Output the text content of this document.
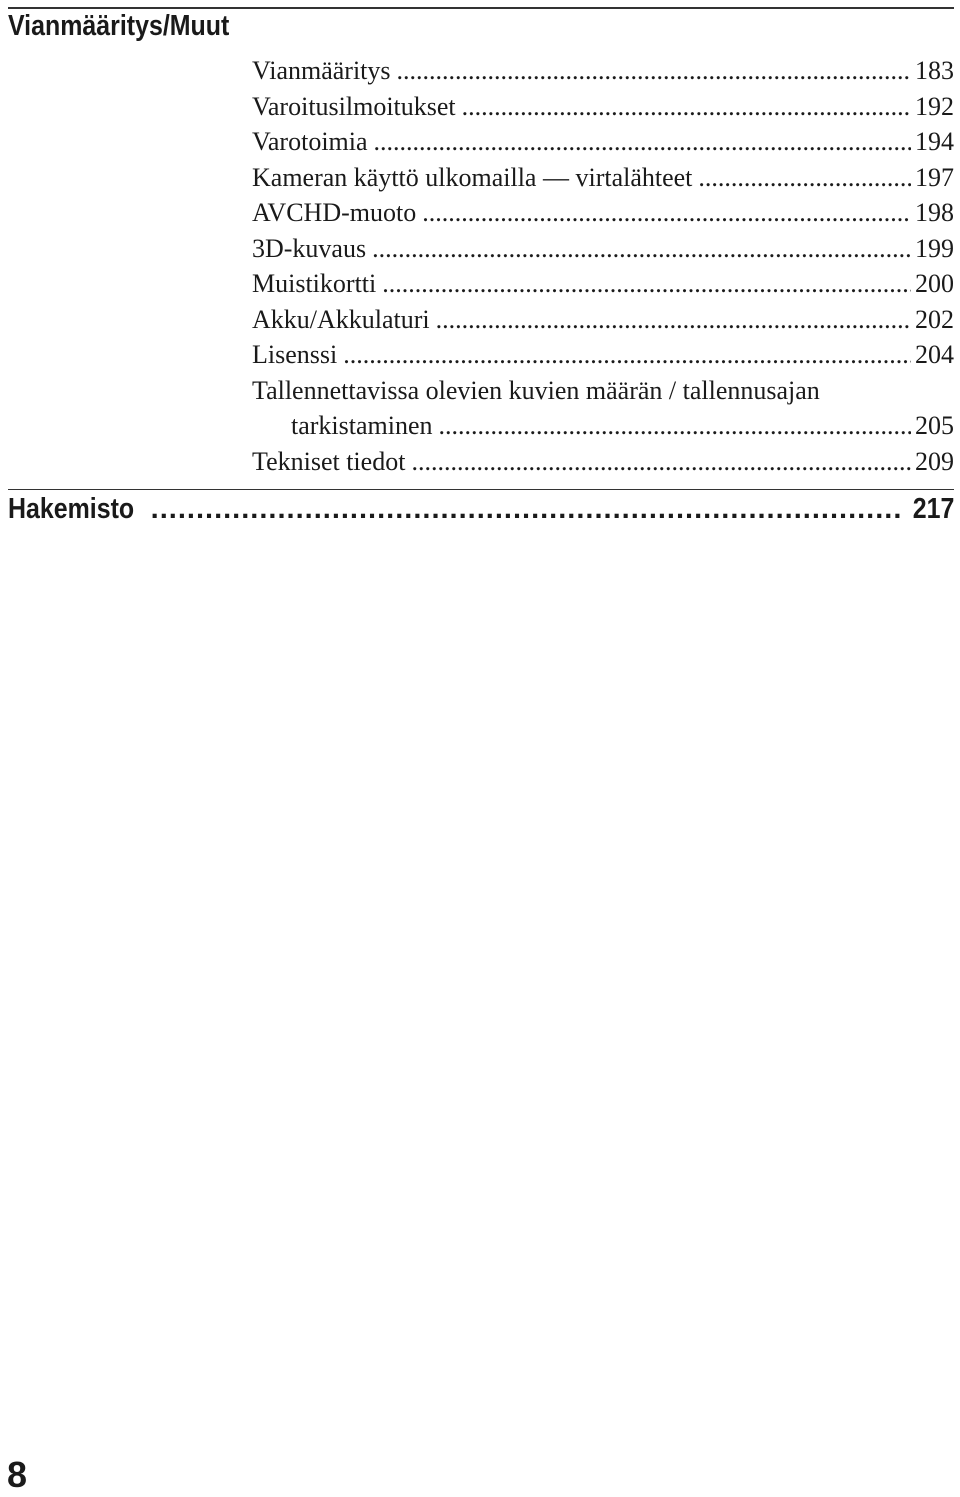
Vianmääritys/Muut
Vianmääritys .....	183
Varoitusilmoitukset .....	192
Varotoimia .....	194
Kameran käyttö ulkomailla — virtalähteet .....	197
AVCHD-muoto .....	198
3D-kuvaus .....	199
Muistikortti .....	200
Akku/Akkulaturi .....	202
Lisenssi .....	204
Tallennettavissa olevien kuvien määrän / tallennusajan
tarkistaminen .....	205
Tekniset tiedot .....	209
Hakemisto .....	217
8
